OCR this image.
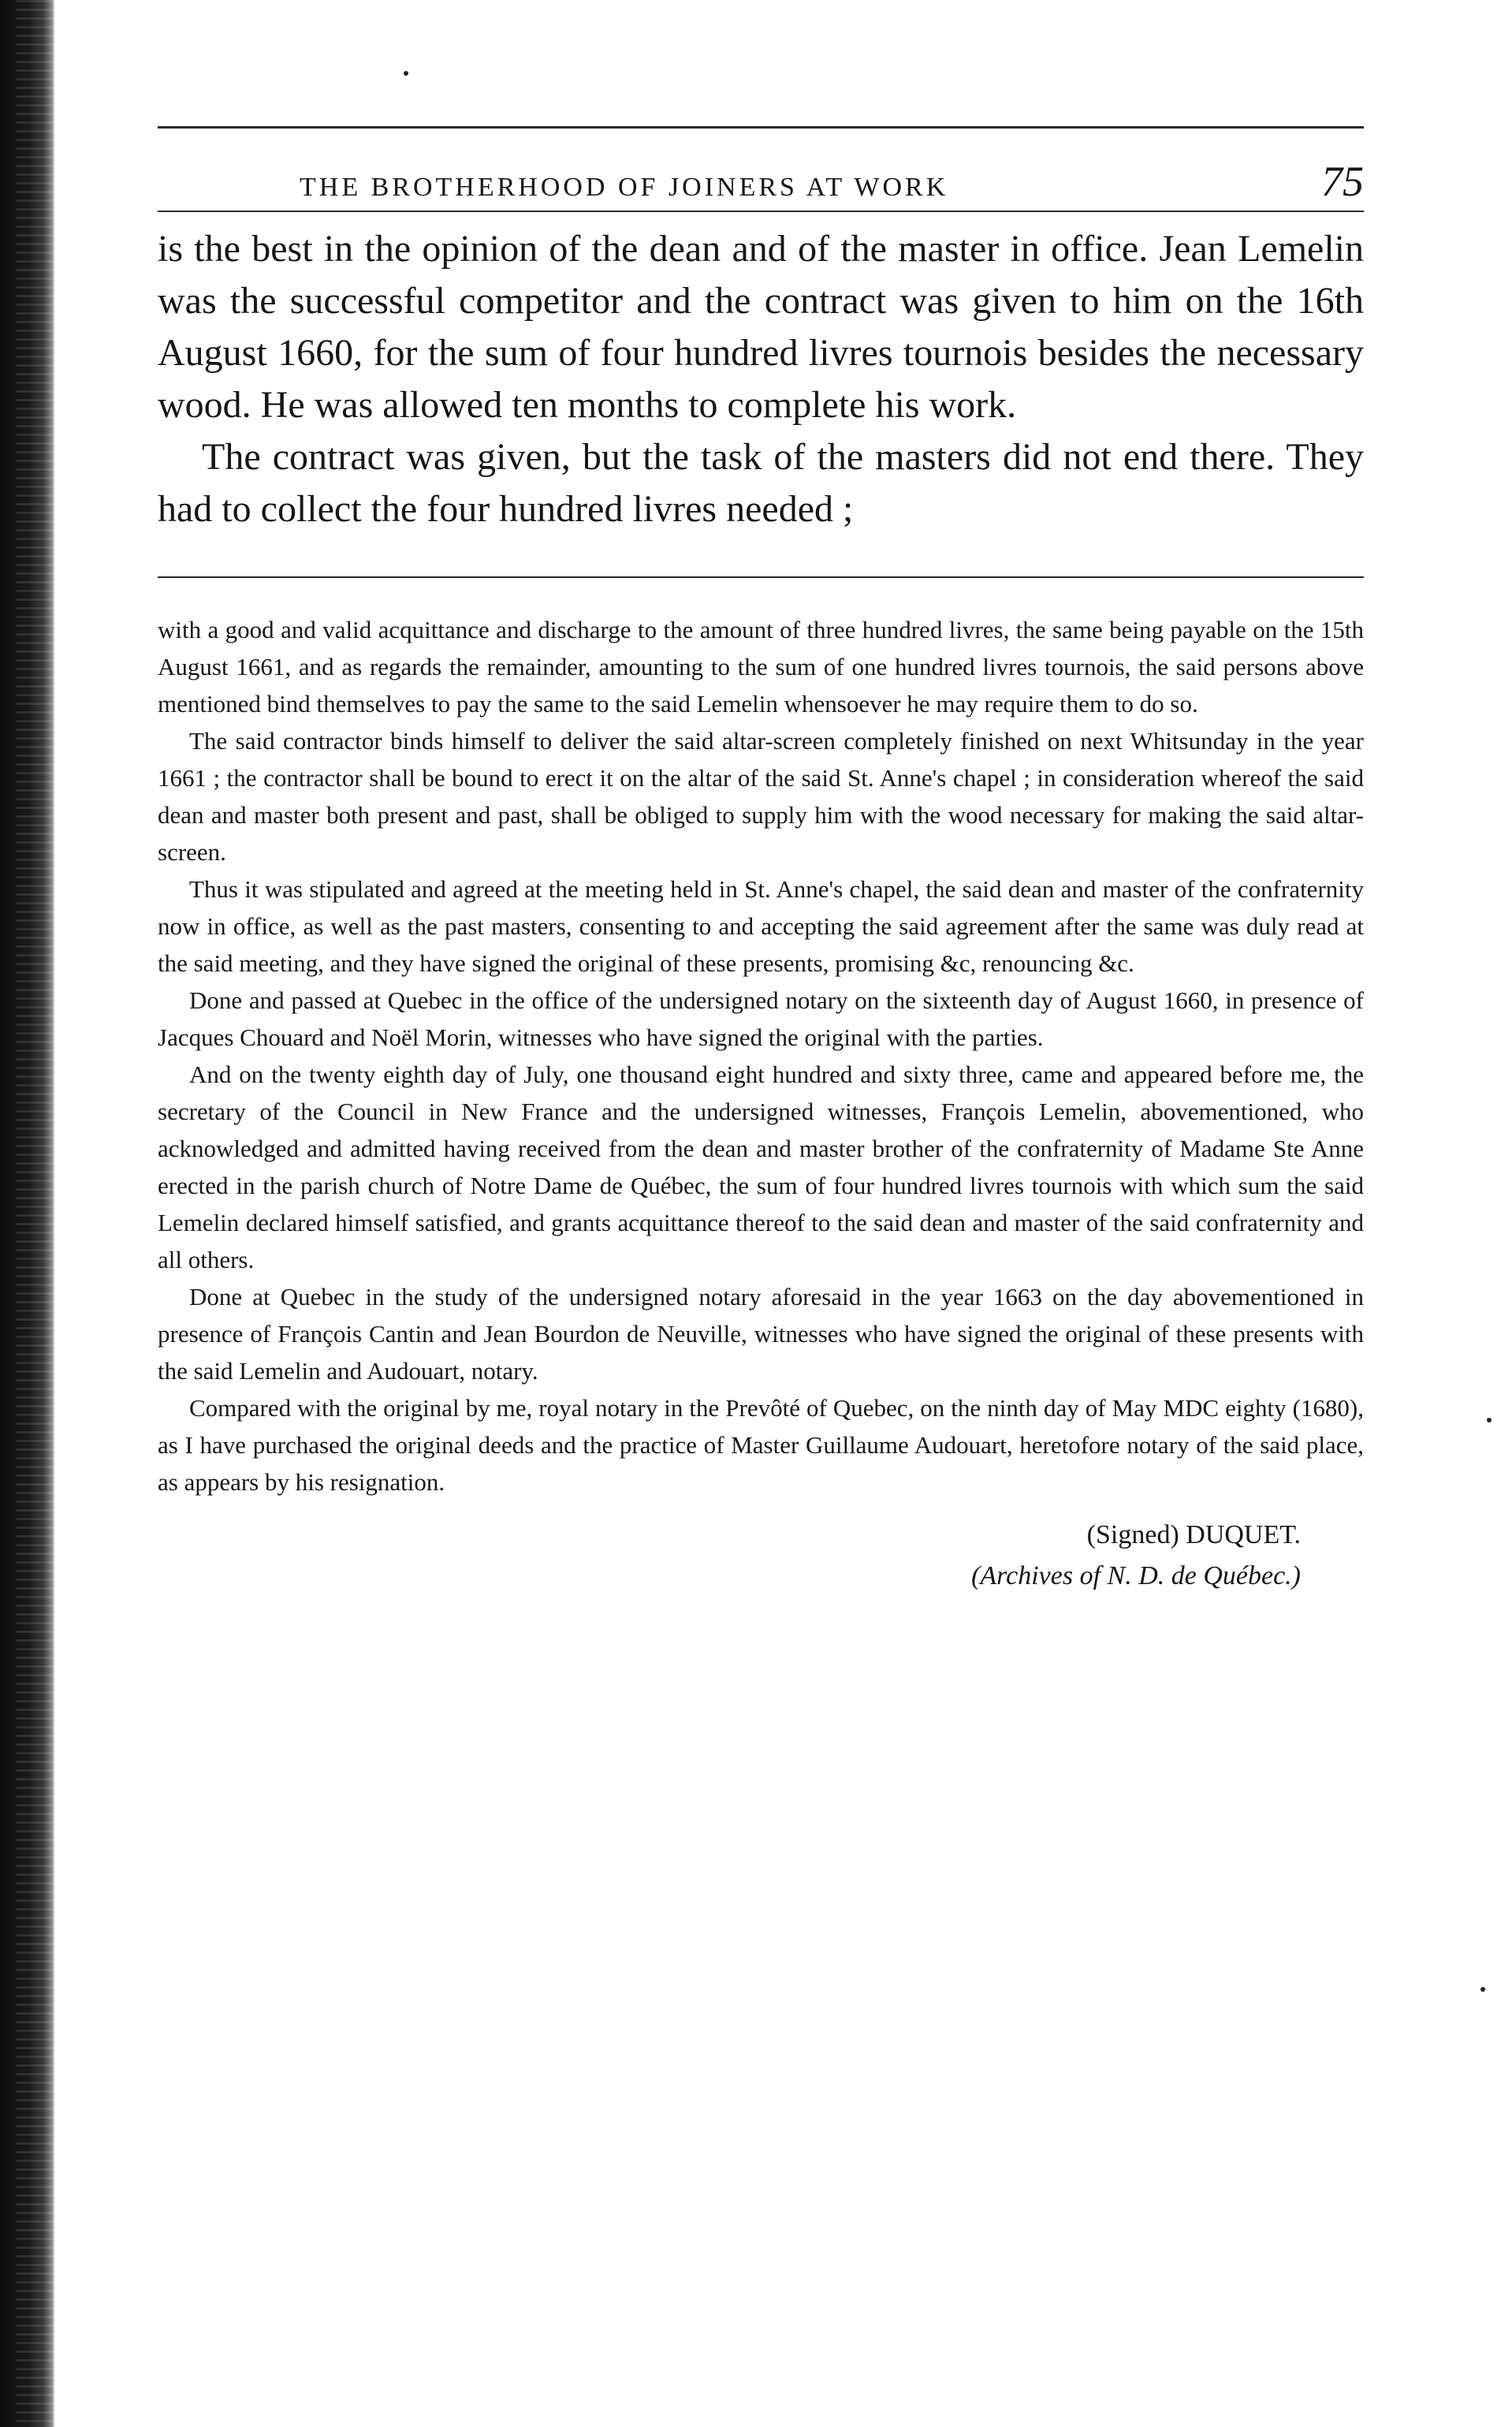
THE BROTHERHOOD OF JOINERS AT WORK	75

is the best in the opinion of the dean and of the master in office. Jean Lemelin was the successful competitor and the contract was given to him on the 16th August 1660, for the sum of four hundred livres tournois besides the necessary wood. He was allowed ten months to complete his work.

The contract was given, but the task of the masters did not end there. They had to collect the four hundred livres needed ;

with a good and valid acquittance and discharge to the amount of three hundred livres, the same being payable on the 15th August 1661, and as regards the remainder, amounting to the sum of one hundred livres tournois, the said persons above mentioned bind themselves to pay the same to the said Lemelin whensoever he may require them to do so.

The said contractor binds himself to deliver the said altar-screen completely finished on next Whitsunday in the year 1661 ; the contractor shall be bound to erect it on the altar of the said St. Anne's chapel ; in consideration whereof the said dean and master both present and past, shall be obliged to supply him with the wood necessary for making the said altar-screen.

Thus it was stipulated and agreed at the meeting held in St. Anne's chapel, the said dean and master of the confraternity now in office, as well as the past masters, consenting to and accepting the said agreement after the same was duly read at the said meeting, and they have signed the original of these presents, promising &c, renouncing &c.

Done and passed at Quebec in the office of the undersigned notary on the sixteenth day of August 1660, in presence of Jacques Chouard and Noël Morin, witnesses who have signed the original with the parties.

And on the twenty eighth day of July, one thousand eight hundred and sixty three, came and appeared before me, the secretary of the Council in New France and the undersigned witnesses, François Lemelin, abovementioned, who acknowledged and admitted having received from the dean and master brother of the confraternity of Madame Ste Anne erected in the parish church of Notre Dame de Québec, the sum of four hundred livres tournois with which sum the said Lemelin declared himself satisfied, and grants acquittance thereof to the said dean and master of the said confraternity and all others.

Done at Quebec in the study of the undersigned notary aforesaid in the year 1663 on the day abovementioned in presence of François Cantin and Jean Bourdon de Neuville, witnesses who have signed the original of these presents with the said Lemelin and Audouart, notary.

Compared with the original by me, royal notary in the Prevôté of Quebec, on the ninth day of May MDC eighty (1680), as I have purchased the original deeds and the practice of Master Guillaume Audouart, heretofore notary of the said place, as appears by his resignation.

(Signed) DUQUET.
(Archives of N. D. de Québec.)
